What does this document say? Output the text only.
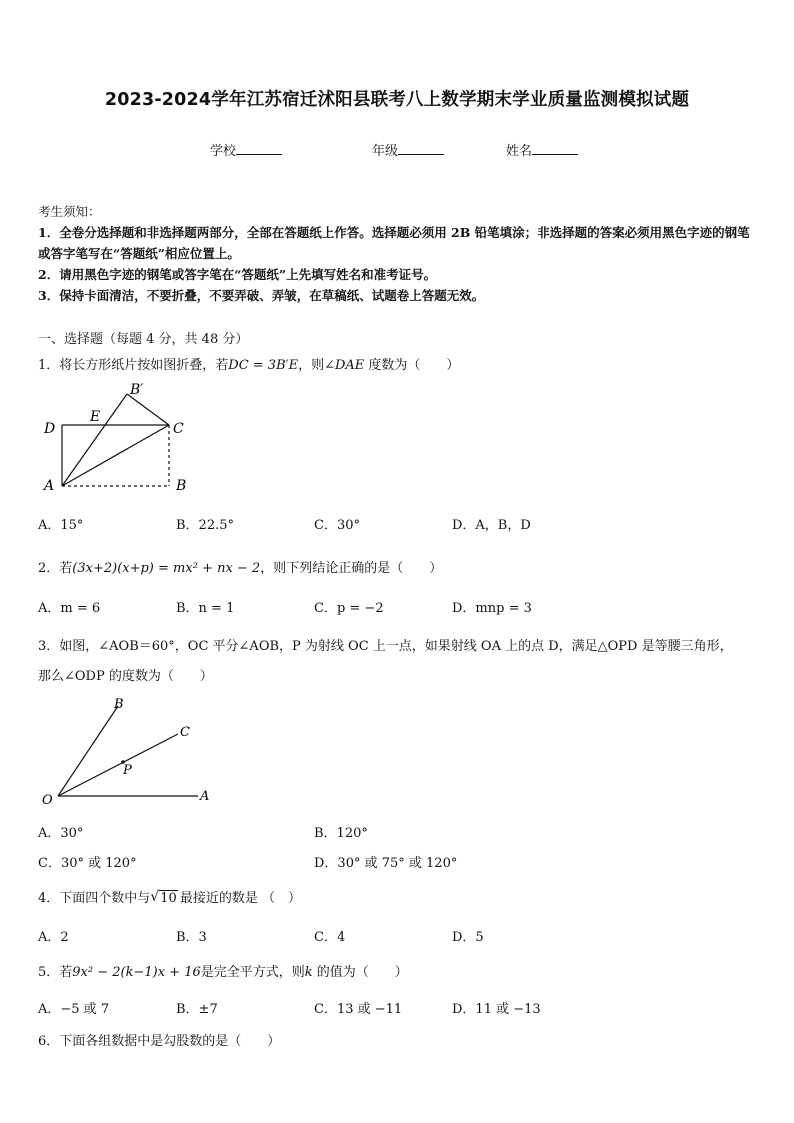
2023-2024学年江苏宿迁沭阳县联考八上数学期末学业质量监测模拟试题
学校	年级	姓名
考生须知：
1．全卷分选择题和非选择题两部分，全部在答题纸上作答。选择题必须用 2B 铅笔填涂；非选择题的答案必须用黑色字迹的钢笔或答字笔写在“答题纸”相应位置上。
2．请用黑色字迹的钢笔或答字笔在“答题纸”上先填写姓名和准考证号。
3．保持卡面清洁，不要折叠，不要弄破、弄皱，在草稿纸、试题卷上答题无效。
一、选择题（每题 4 分，共 48 分）
1．将长方形纸片按如图折叠，若DC = 3B′E，则∠DAE 度数为（　　）
B′
E
D	C
A	B
A．15°	B．22.5°	C．30°	D．A，B，D
2．若(3x+2)(x+p) = mx² + nx − 2，则下列结论正确的是（　　）
A．m = 6	B．n = 1	C．p = −2	D．mnp = 3
3．如图，∠AOB＝60°，OC 平分∠AOB，P 为射线 OC 上一点，如果射线 OA 上的点 D，满足△OPD 是等腰三角形，
那么∠ODP 的度数为（　　）
B
C
P
O	A
A．30°	B．120°
C．30° 或 120°	D．30° 或 75° 或 120°
4．下面四个数中与 √ 10 最接近的数是 （　）
A．2	B．3	C．4	D．5
5．若9x² − 2(k−1)x + 16是完全平方式，则k 的值为（　　）
A．−5 或 7	B．±7	C．13 或 −11	D．11 或 −13
6．下面各组数据中是勾股数的是（　　）
